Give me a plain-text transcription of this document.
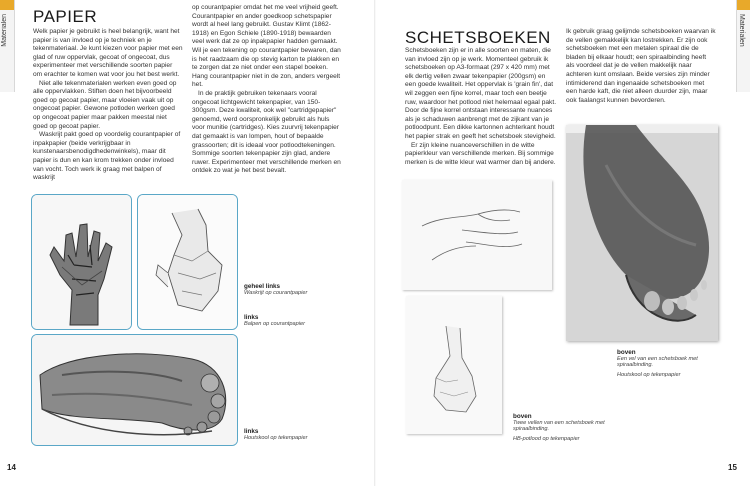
Materialen PAPIER

Welk papier je gebruikt is heel belangrijk, want het papier is van invloed op je techniek en je tekenmateriaal. Je kunt kiezen voor papier met een glad of ruw oppervlak, gecoat of ongecoat, dus experimenteer met verschillende soorten papier om erachter te komen wat voor jou het best werkt.

Niet alle tekenmaterialen werken even goed op alle oppervlakken. Stiften doen het bijvoorbeeld goed op gecoat papier, maar vloeien vaak uit op ongecoat papier. Gewone potloden werken goed op ongecoat papier maar pakken meestal niet goed op gecoat papier.

Waskrijt pakt goed op voordelig courantpapier of inpakpapier (beide verkrijgbaar in kunstenaarsbenodigdhedenwinkels), maar dit papier is dun en kan krom trekken onder invloed van vocht. Toch werk ik graag met balpen of waskrijt

op courantpapier omdat het me veel vrijheid geeft. Courantpapier en ander goedkoop schetspapier wordt al heel lang gebruikt. Gustav Klimt (1862-1918) en Egon Schiele (1890-1918) bewaarden veel werk dat ze op inpakpapier hadden gemaakt. Wil je een tekening op courantpapier bewaren, dan is het raadzaam die op stevig karton te plakken en te zorgen dat ze niet onder een stapel boeken. Hang courantpapier niet in de zon, anders vergeelt het.

In de praktijk gebruiken tekenaars vooral ongecoat lichtgewicht tekenpapier, van 150-300gsm. Deze kwaliteit, ook wel "cartridgepapier" genoemd, werd oorspronkelijk gebruikt als huls voor munitie (cartridges). Kies zuurvrij tekenpapier dat gemaakt is van lompen, hout of bepaalde grassoorten; dit is ideaal voor potloodtekeningen. Sommige soorten tekenpapier zijn glad, andere ruwer. Experimenteer met verschillende merken en ontdek zo wat je het best bevalt.

geheel links
Waskrijt op courantpapier
links
Balpen op courantpapier
links
Houtskool op tekenpapier
14
Materialen
SCHETSBOEKEN

Schetsboeken zijn er in alle soorten en maten, die van invloed zijn op je werk. Momenteel gebruik ik schetsboeken op A3-formaat (297 x 420 mm) met elk dertig vellen zwaar tekenpapier (200gsm) en een goede kwaliteit. Het oppervlak is 'grain fin', dat wil zeggen een fijne korrel, maar toch een beetje ruw, waardoor het potlood niet helemaal egaal pakt. Door de fijne korrel ontstaan interessante nuances als je schaduwen aanbrengt met de zijkant van je potloodpunt. Een dikke kartonnen achterkant houdt het papier strak en geeft het schetsboek stevigheid.

Er zijn kleine nuanceverschillen in de witte papierkleur van verschillende merken. Bij sommige merken is de witte kleur wat warmer dan bij andere.

Ik gebruik graag gelijmde schetsboeken waarvan ik de vellen gemakkelijk kan lostrekken. Er zijn ook schetsboeken met een metalen spiraal die de bladen bij elkaar houdt; een spiraalbinding heeft als voordeel dat je de vellen makkelijk naar achteren kunt omslaan. Beide versies zijn minder intimiderend dan ingenaaide schetsboeken met een harde kaft, die niet alleen duurder zijn, maar ook faalangst kunnen bevorderen.

boven
Een vel van een schetsboek met spiraalbinding.
Houtskool op tekenpapier
boven
Twee vellen van een schetsboek met spiraalbinding.
HB-potlood op tekenpapier
15
